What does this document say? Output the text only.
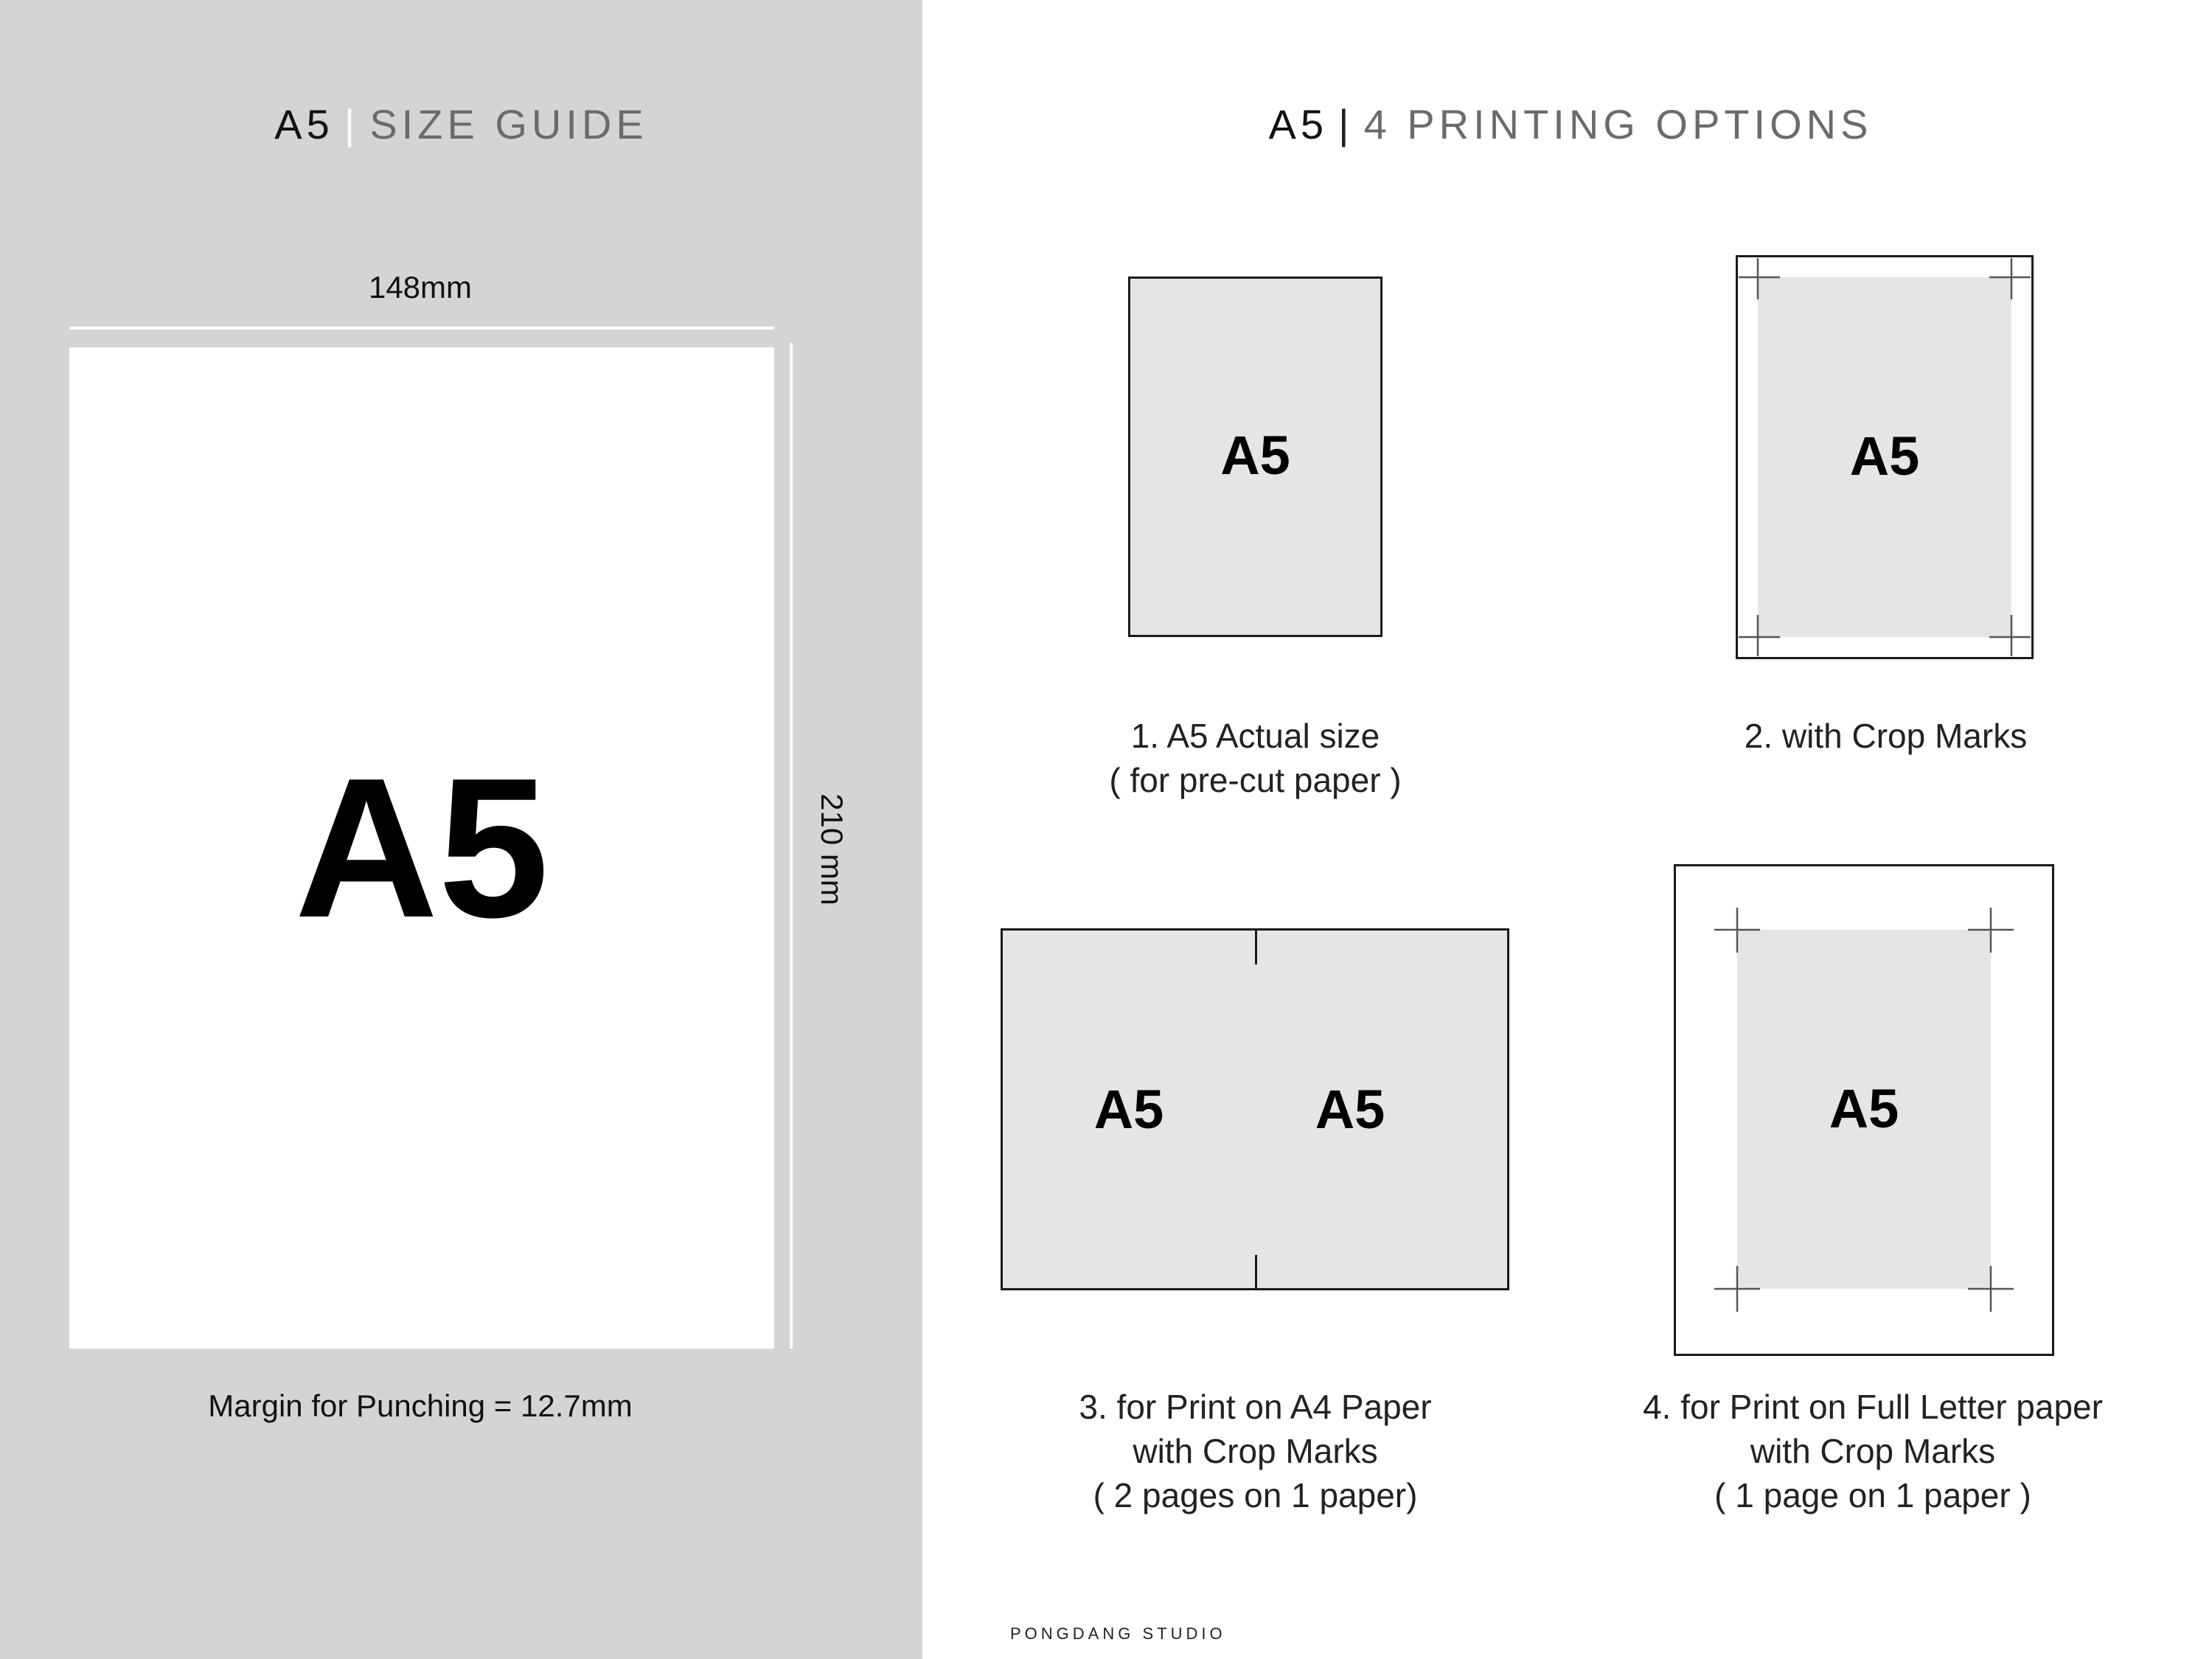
A5 | SIZE GUIDE
148mm
A5	210 mm
Margin for Punching = 12.7mm
A5 | 4 PRINTING OPTIONS
A5
1. A5 Actual size
( for pre-cut paper )
A5
2. with Crop Marks
A5	A5
3. for Print on A4 Paper
with Crop Marks
( 2 pages on 1 paper)
A5
4. for Print on Full Letter paper
with Crop Marks
( 1 page on 1 paper )
PONGDANG STUDIO
